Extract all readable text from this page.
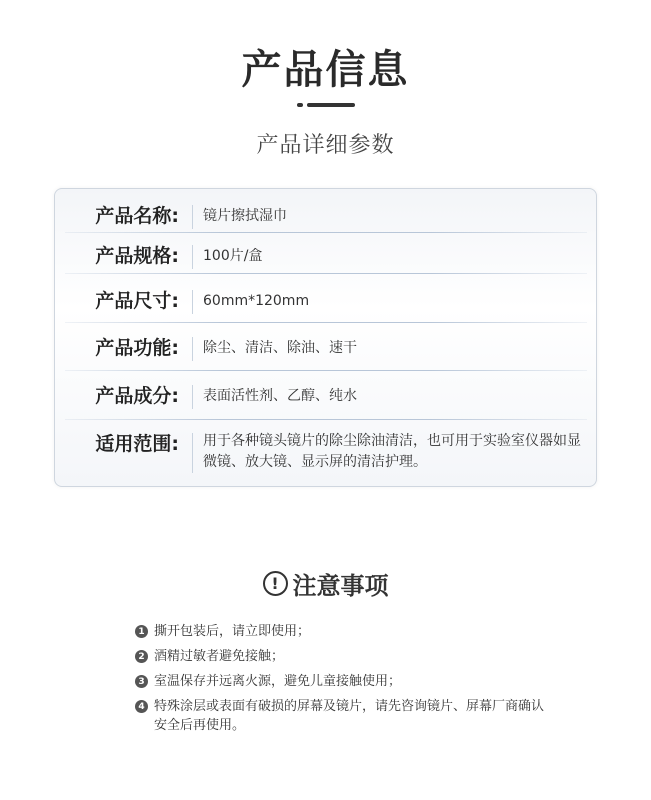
产品信息
产品详细参数
产品名称:	镜片擦拭湿巾
产品规格:	100片/盒
产品尺寸:	60mm*120mm
产品功能:	除尘、清洁、除油、速干
产品成分:	表面活性剂、乙醇、纯水
适用范围:	用于各种镜头镜片的除尘除油清洁，也可用于实验室仪器如显微镜、放大镜、显示屏的清洁护理。
! 注意事项
1 撕开包装后，请立即使用；
2 酒精过敏者避免接触；
3 室温保存并远离火源，避免儿童接触使用；
4 特殊涂层或表面有破损的屏幕及镜片，请先咨询镜片、屏幕厂商确认安全后再使用。
